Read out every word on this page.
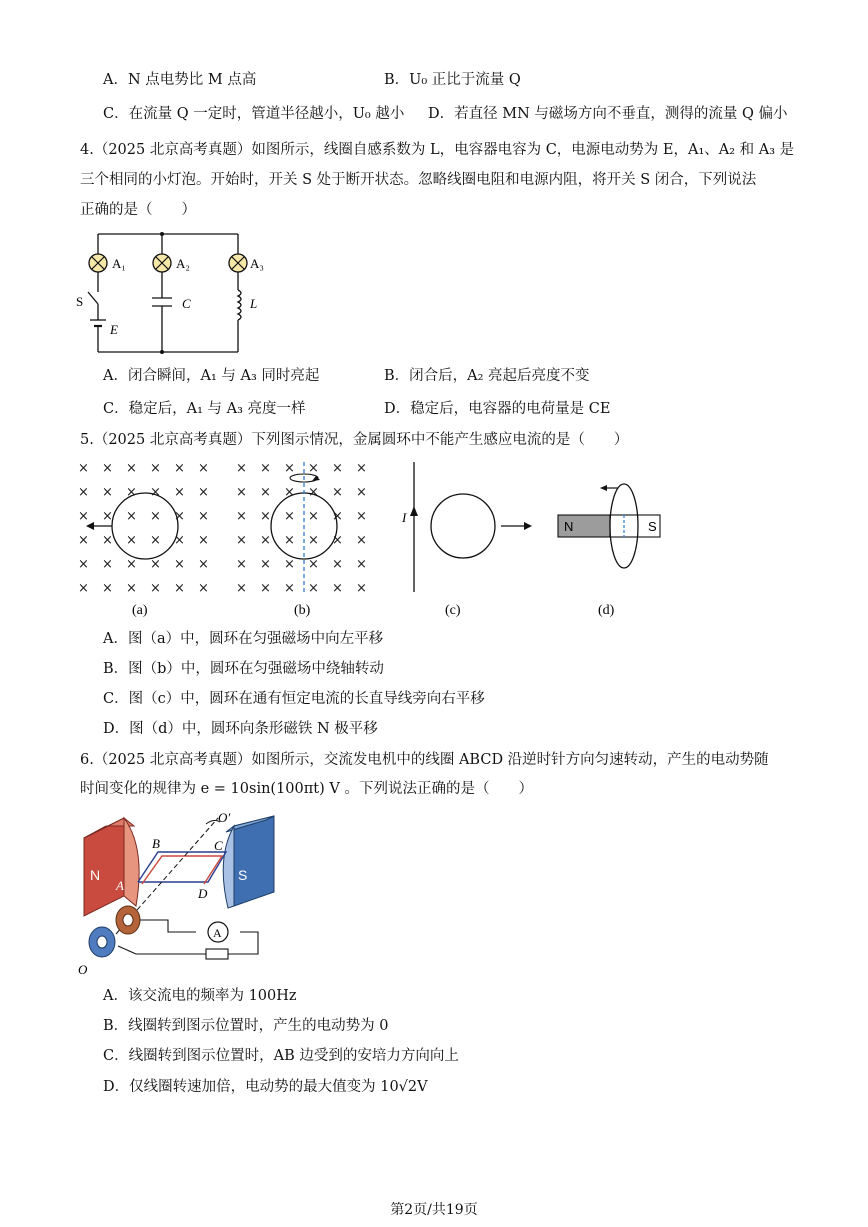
A．N 点电势比 M 点高	B．U₀ 正比于流量 Q
C．在流量 Q 一定时，管道半径越小，U₀ 越小 D．若直径 MN 与磁场方向不垂直，测得的流量 Q 偏小
4.（2025 北京高考真题）如图所示，线圈自感系数为 L，电容器电容为 C，电源电动势为 E，A₁、A₂ 和 A₃ 是
三个相同的小灯泡。开始时，开关 S 处于断开状态。忽略线圈电阻和电源内阻，将开关 S 闭合，下列说法
正确的是（　　）
A₁	A₂	A₃
S
E
C	L
A．闭合瞬间，A₁ 与 A₃ 同时亮起	B．闭合后，A₂ 亮起后亮度不变
C．稳定后，A₁ 与 A₃ 亮度一样	D．稳定后，电容器的电荷量是 CE
5.（2025 北京高考真题）下列图示情况，金属圆环中不能产生感应电流的是（　　）
× × × × × ×
× × × × × ×
× × × × × ×
× × × × × ×
× × × × × ×
× × × × × ×
(a)
× × × × × ×
× × × × × ×
× × × × × ×
× × × × × ×
× × × × × ×
× × × × × ×
(b)
I
(c)
N	S
(d)
A．图（a）中，圆环在匀强磁场中向左平移
B．图（b）中，圆环在匀强磁场中绕轴转动
C．图（c）中，圆环在通有恒定电流的长直导线旁向右平移
D．图（d）中，圆环向条形磁铁 N 极平移
6.（2025 北京高考真题）如图所示，交流发电机中的线圈 ABCD 沿逆时针方向匀速转动，产生的电动势随
时间变化的规律为 e = 10sin(100πt) V 。下列说法正确的是（　　）
N	S
O′
A
B	C
D
A
O
A．该交流电的频率为 100Hz
B．线圈转到图示位置时，产生的电动势为 0
C．线圈转到图示位置时，AB 边受到的安培力方向向上
D．仅线圈转速加倍，电动势的最大值变为 10√2V
第2页/共19页
